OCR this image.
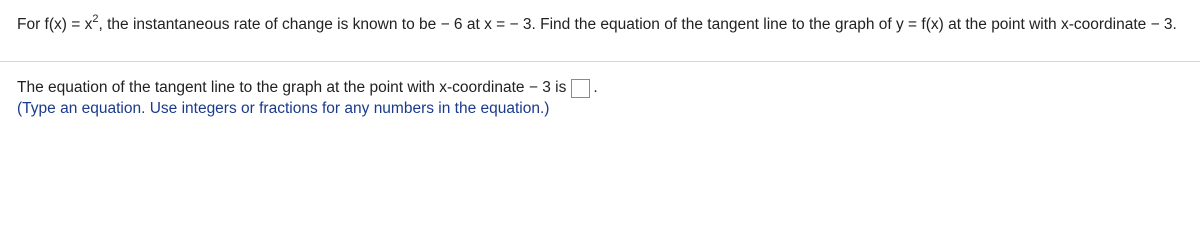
For $f(x) = x^2$, the instantaneous rate of change is known to be − 6 at x = − 3. Find the equation of the tangent line to the graph of y = f(x) at the point with x-coordinate − 3.
The equation of the tangent line to the graph at the point with x-coordinate − 3 is .
(Type an equation. Use integers or fractions for any numbers in the equation.)
